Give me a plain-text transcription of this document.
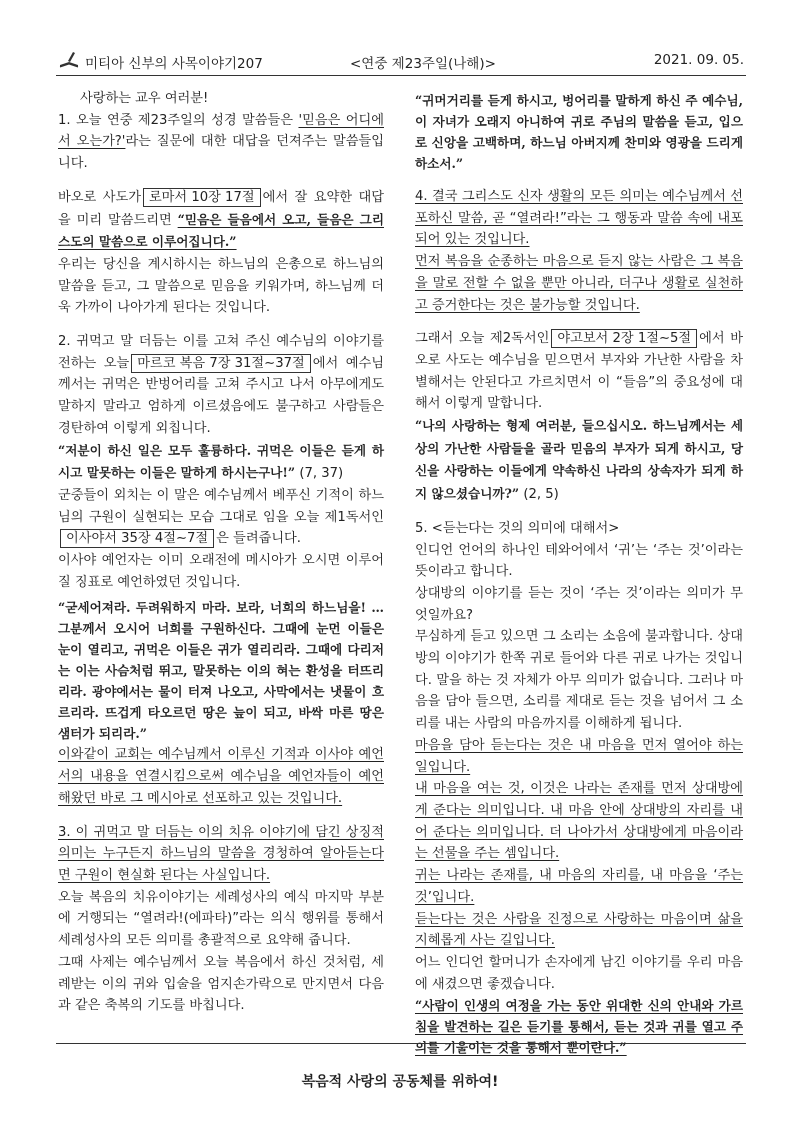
미티아 신부의 사목이야기207	<연중 제23주일(나해)>	2021. 09. 05.

사랑하는 교우 여러분!

1. 오늘 연중 제23주일의 성경 말씀들은 '믿음은 어디에서 오는가?'라는 질문에 대한 대답을 던져주는 말씀들입니다.

바오로 사도가 로마서 10장 17절 에서 잘 요약한 대답을 미리 말씀드리면 “믿음은 들음에서 오고, 들음은 그리스도의 말씀으로 이루어집니다.”

우리는 당신을 계시하시는 하느님의 은총으로 하느님의 말씀을 듣고, 그 말씀으로 믿음을 키워가며, 하느님께 더욱 가까이 나아가게 된다는 것입니다.

2. 귀먹고 말 더듬는 이를 고쳐 주신 예수님의 이야기를 전하는 오늘 마르코 복음 7장 31절∼37절 에서 예수님께서는 귀먹은 반벙어리를 고쳐 주시고 나서 아무에게도 말하지 말라고 엄하게 이르셨음에도 불구하고 사람들은 경탄하여 이렇게 외칩니다.

“저분이 하신 일은 모두 훌륭하다. 귀먹은 이들은 듣게 하시고 말못하는 이들은 말하게 하시는구나!” (7, 37)

군중들이 외치는 이 말은 예수님께서 베푸신 기적이 하느님의 구원이 실현되는 모습 그대로 임을 오늘 제1독서인이사야서 35장 4절∼7절 은 들려줍니다.

이사야 예언자는 이미 오래전에 메시아가 오시면 이루어질 징표로 예언하였던 것입니다.

“굳세어져라. 두려워하지 마라. 보라, 너희의 하느님을! … 그분께서 오시어 너희를 구원하신다. 그때에 눈먼 이들은 눈이 열리고, 귀먹은 이들은 귀가 열리리라. 그때에 다리저는 이는 사슴처럼 뛰고, 말못하는 이의 혀는 환성을 터뜨리리라. 광야에서는 물이 터져 나오고, 사막에서는 냇물이 흐르리라. 뜨겁게 타오르던 땅은 늪이 되고, 바싹 마른 땅은 샘터가 되리라.”

이와같이 교회는 예수님께서 이루신 기적과 이사야 예언서의 내용을 연결시킴으로써 예수님을 예언자들이 예언해왔던 바로 그 메시아로 선포하고 있는 것입니다.

3. 이 귀먹고 말 더듬는 이의 치유 이야기에 담긴 상징적 의미는 누구든지 하느님의 말씀을 경청하여 알아듣는다면 구원이 현실화 된다는 사실입니다.

오늘 복음의 치유이야기는 세례성사의 예식 마지막 부분에 거행되는 “열려라!(에파타)”라는 의식 행위를 통해서 세례성사의 모든 의미를 총괄적으로 요약해 줍니다.

그때 사제는 예수님께서 오늘 복음에서 하신 것처럼, 세례받는 이의 귀와 입술을 엄지손가락으로 만지면서 다음과 같은 축복의 기도를 바칩니다.

“귀머거리를 듣게 하시고, 벙어리를 말하게 하신 주 예수님, 이 자녀가 오래지 아니하여 귀로 주님의 말씀을 듣고, 입으로 신앙을 고백하며, 하느님 아버지께 찬미와 영광을 드리게 하소서.”

4. 결국 그리스도 신자 생활의 모든 의미는 예수님께서 선포하신 말씀, 곧 “열려라!”라는 그 행동과 말씀 속에 내포되어 있는 것입니다.

먼저 복음을 순종하는 마음으로 듣지 않는 사람은 그 복음을 말로 전할 수 없을 뿐만 아니라, 더구나 생활로 실천하고 증거한다는 것은 불가능할 것입니다.

그래서 오늘 제2독서인 야고보서 2장 1절∼5절 에서 바오로 사도는 예수님을 믿으면서 부자와 가난한 사람을 차별해서는 안된다고 가르치면서 이 “들음”의 중요성에 대해서 이렇게 말합니다.

“나의 사랑하는 형제 여러분, 들으십시오. 하느님께서는 세상의 가난한 사람들을 골라 믿음의 부자가 되게 하시고, 당신을 사랑하는 이들에게 약속하신 나라의 상속자가 되게 하지 않으셨습니까?” (2, 5)

5. <듣는다는 것의 의미에 대해서>

인디언 언어의 하나인 테와어에서 ‘귀’는 ‘주는 것’이라는 뜻이라고 합니다.

상대방의 이야기를 듣는 것이 ‘주는 것’이라는 의미가 무엇일까요?

무심하게 듣고 있으면 그 소리는 소음에 불과합니다. 상대방의 이야기가 한쪽 귀로 들어와 다른 귀로 나가는 것입니다. 말을 하는 것 자체가 아무 의미가 없습니다. 그러나 마음을 담아 들으면, 소리를 제대로 듣는 것을 넘어서 그 소리를 내는 사람의 마음까지를 이해하게 됩니다.

마음을 담아 듣는다는 것은 내 마음을 먼저 열어야 하는 일입니다.

내 마음을 여는 것, 이것은 나라는 존재를 먼저 상대방에게 준다는 의미입니다. 내 마음 안에 상대방의 자리를 내어 준다는 의미입니다. 더 나아가서 상대방에게 마음이라는 선물을 주는 셈입니다.

귀는 나라는 존재를, 내 마음의 자리를, 내 마음을 ‘주는 것’입니다.

듣는다는 것은 사람을 진정으로 사랑하는 마음이며 삶을 지혜롭게 사는 길입니다.

어느 인디언 할머니가 손자에게 남긴 이야기를 우리 마음에 새겼으면 좋겠습니다.

“사람이 인생의 여정을 가는 동안 위대한 신의 안내와 가르침을 발견하는 길은 듣기를 통해서, 듣는 것과 귀를 열고 주의를 기울이는 것을 통해서 뿐이란다.”

복음적 사랑의 공동체를 위하여!
